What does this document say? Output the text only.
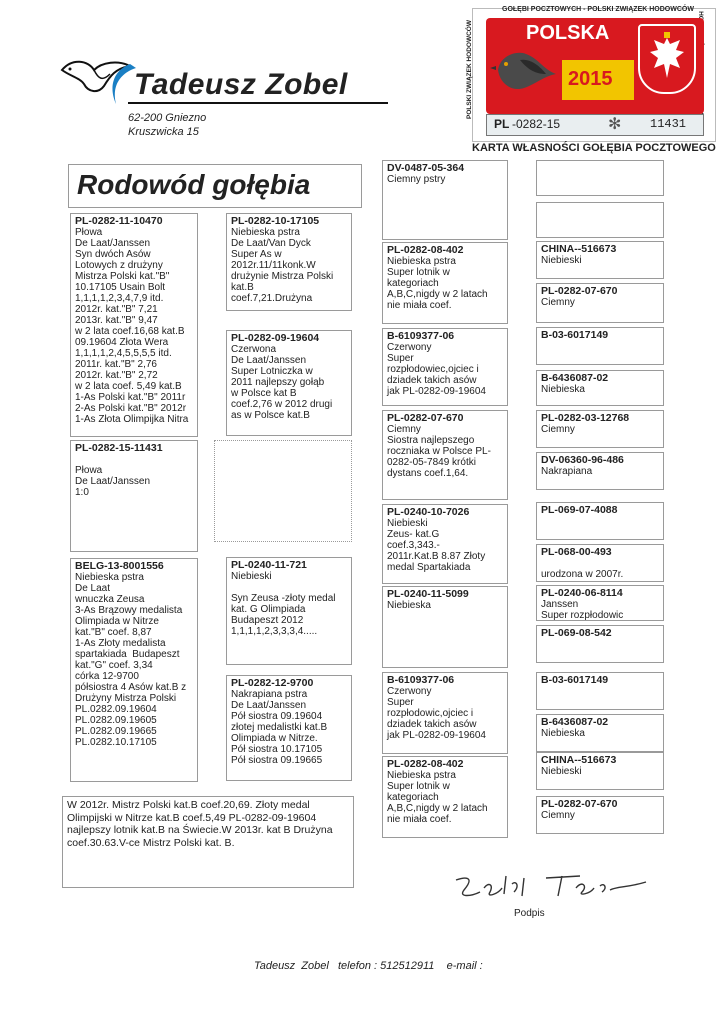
Tadeusz Zobel
62-200 Gniezno
Kruszwicka 15
GOŁĘBI POCZTOWYCH - POLSKI ZWIĄZEK HODOWCÓW
POLSKI ZWIĄZEK HODOWCÓW	POLSKA
2015
PL -0282-15	✻ 11431
KARTA WŁASNOŚCI GOŁĘBIA POCZTOWEGO
Rodowód gołębia
PL-0282-11-10470
Płowa
De Laat/Janssen
Syn dwóch Asów
Lotowych z drużyny
Mistrza Polski kat."B"
10.17105 Usain Bolt
1,1,1,1,2,3,4,7,9 itd.
2012r. kat."B" 7,21
2013r. kat."B" 9,47
w 2 lata coef.16,68 kat.B
09.19604 Złota Wera
1,1,1,1,2,4,5,5,5,5 itd.
2011r. kat."B" 2,76
2012r. kat."B" 2,72
w 2 lata coef. 5,49 kat.B
1-As Polski kat."B" 2011r
2-As Polski kat."B" 2012r
1-As Złota Olimpijka Nitra
PL-0282-15-11431

Płowa
De Laat/Janssen
1:0
BELG-13-8001556
Niebieska pstra
De Laat
wnuczka Zeusa
3-As Brązowy medalista
Olimpiada w Nitrze
kat."B" coef. 8,87
1-As Złoty medalista
spartakiada  Budapeszt
kat."G" coef. 3,34
córka 12-9700
półsiostra 4 Asów kat.B z
Drużyny Mistrza Polski
PL.0282.09.19604
PL.0282.09.19605
PL.0282.09.19665
PL.0282.10.17105
PL-0282-10-17105
Niebieska pstra
De Laat/Van Dyck
Super As w
2012r.11/11konk.W
drużynie Mistrza Polski
kat.B
coef.7,21.Drużyna
PL-0282-09-19604
Czerwona
De Laat/Janssen
Super Lotniczka w
2011 najlepszy gołąb
w Polsce kat B
coef.2,76 w 2012 drugi
as w Polsce kat.B
PL-0240-11-721
Niebieski

Syn Zeusa -złoty medal
kat. G Olimpiada
Budapeszt 2012
1,1,1,1,2,3,3,3,4.....
PL-0282-12-9700
Nakrapiana pstra
De Laat/Janssen
Pół siostra 09.19604
złotej medalistki kat.B
Olimpiada w Nitrze.
Pół siostra 10.17105
Pół siostra 09.19665
DV-0487-05-364
Ciemny pstry
PL-0282-08-402
Niebieska pstra
Super lotnik w
kategoriach
A,B,C,nigdy w 2 latach
nie miała coef.
B-6109377-06
Czerwony
Super
rozpłodowiec,ojciec i
dziadek takich asów
jak PL-0282-09-19604
PL-0282-07-670
Ciemny
Siostra najlepszego
roczniaka w Polsce PL-
0282-05-7849 krótki
dystans coef.1,64.
PL-0240-10-7026
Niebieski
Zeus- kat.G
coef.3,343.-
2011r.Kat.B 8.87 Złoty
medal Spartakiada
PL-0240-11-5099
Niebieska
B-6109377-06
Czerwony
Super
rozpłodowic,ojciec i
dziadek takich asów
jak PL-0282-09-19604
PL-0282-08-402
Niebieska pstra
Super lotnik w
kategoriach
A,B,C,nigdy w 2 latach
nie miała coef.
CHINA--516673
Niebieski
PL-0282-07-670
Ciemny
B-03-6017149
B-6436087-02
Niebieska
PL-0282-03-12768
Ciemny
DV-06360-96-486
Nakrapiana
PL-069-07-4088
PL-068-00-493

urodzona w 2007r.
PL-0240-06-8114
Janssen
Super rozpłodowic
PL-069-08-542
B-03-6017149
B-6436087-02
Niebieska
CHINA--516673
Niebieski
PL-0282-07-670
Ciemny
W 2012r. Mistrz Polski kat.B coef.20,69. Złoty medal Olimpijski w Nitrze kat.B coef.5,49 PL-0282-09-19604 najlepszy lotnik kat.B na Świecie.W 2013r. kat B Drużyna coef.30.63.V-ce Mistrz Polski kat. B.
Zobel Tadeusz
Podpis
Tadeusz  Zobel   telefon : 512512911    e-mail :
